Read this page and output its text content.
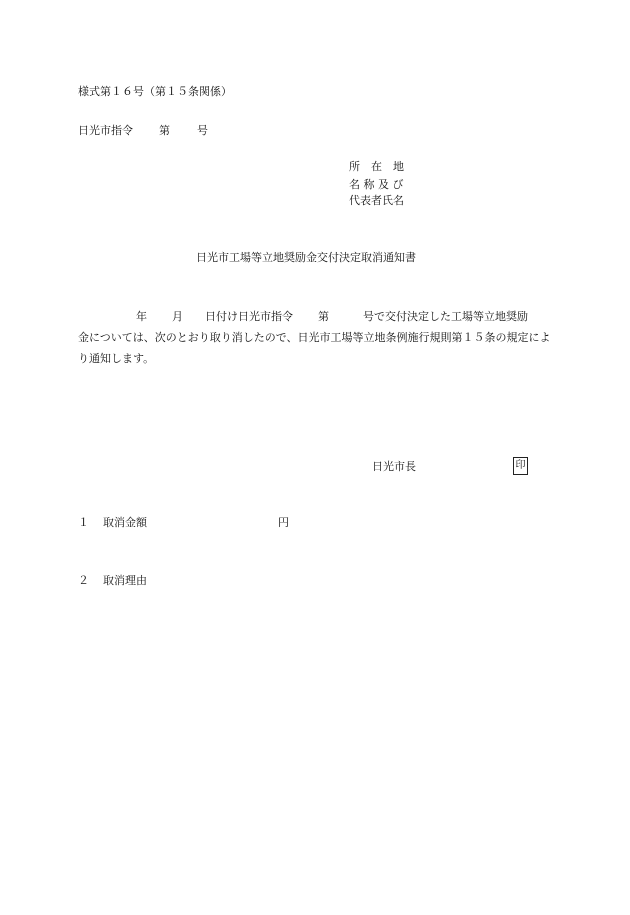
様式第１６号（第１５条関係）
日光市指令 第 号
所　在　地
名 称 及 び
代表者氏名
日光市工場等立地奨励金交付決定取消通知書
年 月 日付け日光市指令 第	号で交付決定した工場等立地奨励
金については、次のとおり取り消したので、日光市工場等立地条例施行規則第１５条の規定により通知します。
日光市長	印
１ 取消金額	円
２ 取消理由
